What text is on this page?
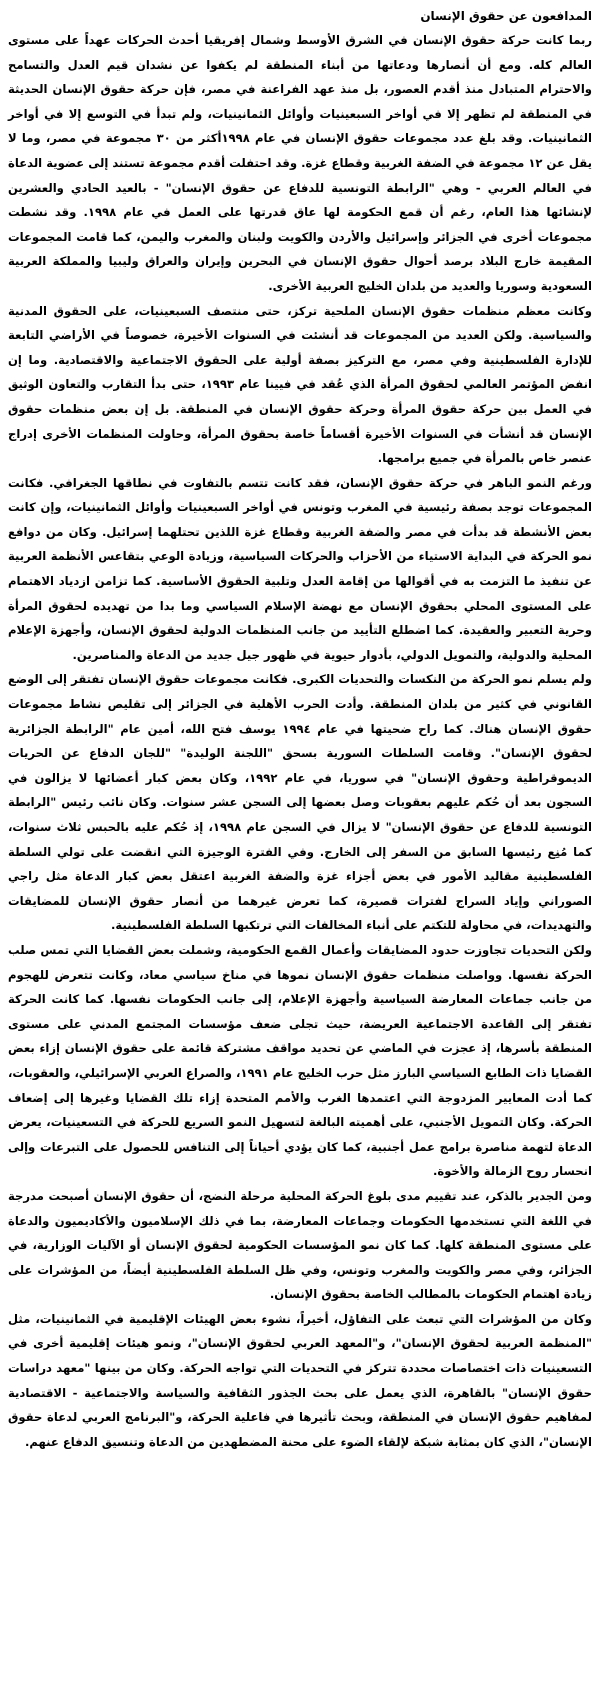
المدافعون عن حقوق الإنسان

ربما كانت حركة حقوق الإنسان في الشرق الأوسط وشمال إفريقيا أحدث الحركات عهداً على مستوى العالم كله. ومع أن أنصارها ودعاتها من أبناء المنطقة لم يكفوا عن نشدان قيم العدل والتسامح والاحترام المتبادل منذ أقدم العصور، بل منذ عهد الفراعنة في مصر، فإن حركة حقوق الإنسان الحديثة في المنطقة لم تظهر إلا في أواخر السبعينيات وأوائل الثمانينيات، ولم تبدأ في التوسع إلا في أواخر الثمانينيات. وقد بلغ عدد مجموعات حقوق الإنسان في عام ١٩٩٨أكثر من ٣٠ مجموعة في مصر، وما لا يقل عن ١٢ مجموعة في الضفة الغربية وقطاع غزة. وقد احتفلت أقدم مجموعة تستند إلى عضوية الدعاة في العالم العربي - وهي "الرابطة التونسية للدفاع عن حقوق الإنسان" - بالعيد الحادي والعشرين لإنشائها هذا العام، رغم أن قمع الحكومة لها عاق قدرتها على العمل في عام ١٩٩٨. وقد نشطت مجموعات أخرى في الجزائر وإسرائيل والأردن والكويت ولبنان والمغرب واليمن، كما قامت المجموعات المقيمة خارج البلاد برصد أحوال حقوق الإنسان في البحرين وإيران والعراق وليبيا والمملكة العربية السعودية وسوريا والعديد من بلدان الخليج العربية الأخرى.

وكانت معظم منظمات حقوق الإنسان الملحية تركز، حتى منتصف السبعينيات، على الحقوق المدنية والسياسية. ولكن العديد من المجموعات قد أنشئت في السنوات الأخيرة، خصوصاً في الأراضي التابعة للإدارة الفلسطينية وفي مصر، مع التركيز بصفة أولية على الحقوق الاجتماعية والاقتصادية. وما إن انفض المؤتمر العالمي لحقوق المرأة الذي عُقد في فيينا عام ١٩٩٣، حتى بدأ التقارب والتعاون الوثيق في العمل بين حركة حقوق المرأة وحركة حقوق الإنسان في المنطقة. بل إن بعض منظمات حقوق الإنسان قد أنشأت في السنوات الأخيرة أقساماً خاصة بحقوق المرأة، وحاولت المنظمات الأخرى إدراج عنصر خاص بالمرأة في جميع برامجها.

ورغم النمو الباهر في حركة حقوق الإنسان، فقد كانت تتسم بالتفاوت في نطاقها الجغرافي. فكانت المجموعات توجد بصفة رئيسية في المغرب وتونس في أواخر السبعينيات وأوائل الثمانينيات، وإن كانت بعض الأنشطة قد بدأت في مصر والضفة الغربية وقطاع غزة اللذين تحتلهما إسرائيل. وكان من دوافع نمو الحركة في البداية الاستياء من الأحزاب والحركات السياسية، وزيادة الوعي بتقاعس الأنظمة العربية عن تنفيذ ما التزمت به في أقوالها من إقامة العدل وتلبية الحقوق الأساسية. كما تزامن ازدياد الاهتمام على المستوى المحلي بحقوق الإنسان مع نهضة الإسلام السياسي وما بدا من تهديده لحقوق المرأة وحرية التعبير والعقيدة. كما اضطلع التأييد من جانب المنظمات الدولية لحقوق الإنسان، وأجهزة الإعلام المحلية والدولية، والتمويل الدولي، بأدوار حيوية في ظهور جيل جديد من الدعاة والمناصرين.

ولم يسلم نمو الحركة من النكسات والتحديات الكبرى. فكانت مجموعات حقوق الإنسان تفتقر إلى الوضع القانوني في كثير من بلدان المنطقة. وأدت الحرب الأهلية في الجزائر إلى تقليص نشاط مجموعات حقوق الإنسان هناك. كما راح ضحيتها في عام ١٩٩٤ يوسف فتح الله، أمين عام "الرابطة الجزائرية لحقوق الإنسان". وقامت السلطات السورية بسحق "اللجنة الوليدة" "للجان الدفاع عن الحريات الديموقراطية وحقوق الإنسان" في سوريا، في عام ١٩٩٢، وكان بعض كبار أعضائها لا يزالون في السجون بعد أن حُكم عليهم بعقوبات وصل بعضها إلى السجن عشر سنوات. وكان نائب رئيس "الرابطة التونسية للدفاع عن حقوق الإنسان" لا يزال في السجن عام ١٩٩٨، إذ حُكم عليه بالحبس ثلاث سنوات، كما مُنِع رئيسها السابق من السفر إلى الخارج. وفي الفترة الوجيزة التي انقضت على تولي السلطة الفلسطينية مقاليد الأمور في بعض أجزاء غزة والضفة الغربية اعتقل بعض كبار الدعاة مثل راجي الصوراني وإياد السراج لفترات قصيرة، كما تعرض غيرهما من أنصار حقوق الإنسان للمضايقات والتهديدات، في محاولة للتكتم على أنباء المخالفات التي ترتكبها السلطة الفلسطينية.

ولكن التحديات تجاوزت حدود المضايقات وأعمال القمع الحكومية، وشملت بعض القضايا التي تمس صلب الحركة نفسها. وواصلت منظمات حقوق الإنسان نموها في مناخ سياسي معاد، وكانت تتعرض للهجوم من جانب جماعات المعارضة السياسية وأجهزة الإعلام، إلى جانب الحكومات نفسها. كما كانت الحركة تفتقر إلى القاعدة الاجتماعية العريضة، حيث تجلى ضعف مؤسسات المجتمع المدني على مستوى المنطقة بأسرها، إذ عجزت في الماضي عن تحديد مواقف مشتركة قائمة على حقوق الإنسان إزاء بعض القضايا ذات الطابع السياسي البارز مثل حرب الخليج عام ١٩٩١، والصراع العربي الإسرائيلي، والعقوبات، كما أدت المعايير المزدوجة التي اعتمدها الغرب والأمم المتحدة إزاء تلك القضايا وغيرها إلى إضعاف الحركة. وكان التمويل الأجنبي، على أهميته البالغة لتسهيل النمو السريع للحركة في التسعينيات، يعرض الدعاة لتهمة مناصرة برامج عمل أجنبية، كما كان يؤدي أحياناً إلى التنافس للحصول على التبرعات وإلى انحسار روح الزمالة والأخوة.

ومن الجدير بالذكر، عند تقييم مدى بلوغ الحركة المحلية مرحلة النضج، أن حقوق الإنسان أصبحت مدرجة في اللغة التي تستخدمها الحكومات وجماعات المعارضة، بما في ذلك الإسلاميون والأكاديميون والدعاة على مستوى المنطقة كلها. كما كان نمو المؤسسات الحكومية لحقوق الإنسان أو الآليات الوزارية، في الجزائر، وفي مصر والكويت والمغرب وتونس، وفي ظل السلطة الفلسطينية أيضاً، من المؤشرات على زيادة اهتمام الحكومات بالمطالب الخاصة بحقوق الإنسان.

وكان من المؤشرات التي تبعث على التفاؤل، أخيراً، نشوء بعض الهيئات الإقليمية في الثمانينيات، مثل "المنظمة العربية لحقوق الإنسان"، و"المعهد العربي لحقوق الإنسان"، ونمو هيئات إقليمية أخرى في التسعينيات ذات اختصاصات محددة تتركز في التحديات التي تواجه الحركة. وكان من بينها "معهد دراسات حقوق الإنسان" بالقاهرة، الذي يعمل على بحث الجذور الثقافية والسياسة والاجتماعية - الاقتصادية لمفاهيم حقوق الإنسان في المنطقة، وبحث تأثيرها في فاعلية الحركة، و"البرنامج العربي لدعاة حقوق الإنسان"، الذي كان بمثابة شبكة لإلقاء الضوء على محنة المضطهدين من الدعاة وتنسيق الدفاع عنهم.
